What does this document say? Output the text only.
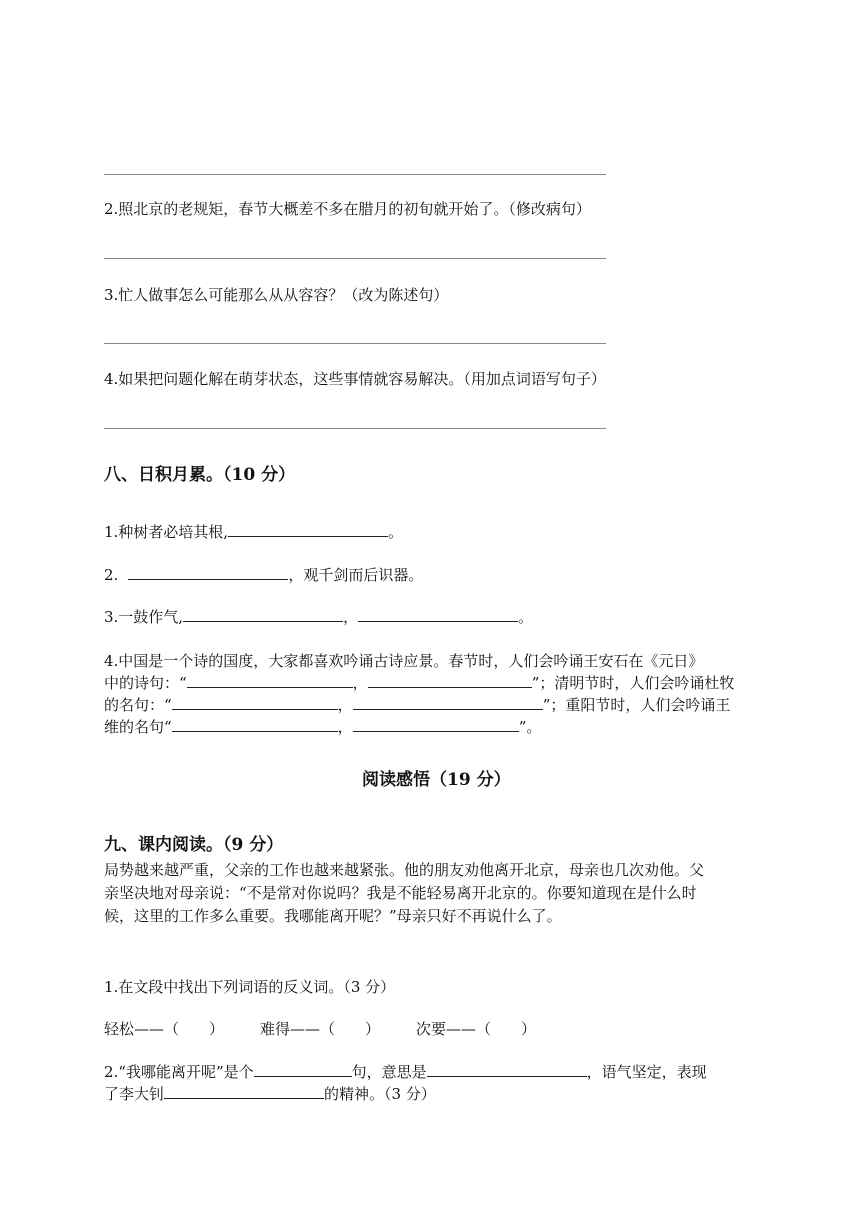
2.照北京的老规矩，春节大概差不多在腊月的初旬就开始了。（修改病句）
3.忙人做事怎么可能那么从从容容？（改为陈述句）
4.如果把问题化解在萌芽状态，这些事情就容易解决。（用加点词语写句子）
八、日积月累。（10 分）
1.种树者必培其根,	。
2.	，观千剑而后识器。
3.一鼓作气,	，	。
4.中国是一个诗的国度，大家都喜欢吟诵古诗应景。春节时，人们会吟诵王安石在《元日》
中的诗句：“	，	”；清明节时，人们会吟诵杜牧
的名句：“	，	”；重阳节时，人们会吟诵王
维的名句“	，	”。
阅读感悟（19 分）
九、课内阅读。（9 分）
局势越来越严重，父亲的工作也越来越紧张。他的朋友劝他离开北京，母亲也几次劝他。父
亲坚决地对母亲说：“不是常对你说吗？我是不能轻易离开北京的。你要知道现在是什么时
候，这里的工作多么重要。我哪能离开呢？”母亲只好不再说什么了。
1.在文段中找出下列词语的反义词。（3 分）
轻松——（　　） 难得——（　　） 次要——（　　）
2.“我哪能离开呢”是个	句，意思是	，语气坚定，表现
了李大钊	的精神。（3 分）
